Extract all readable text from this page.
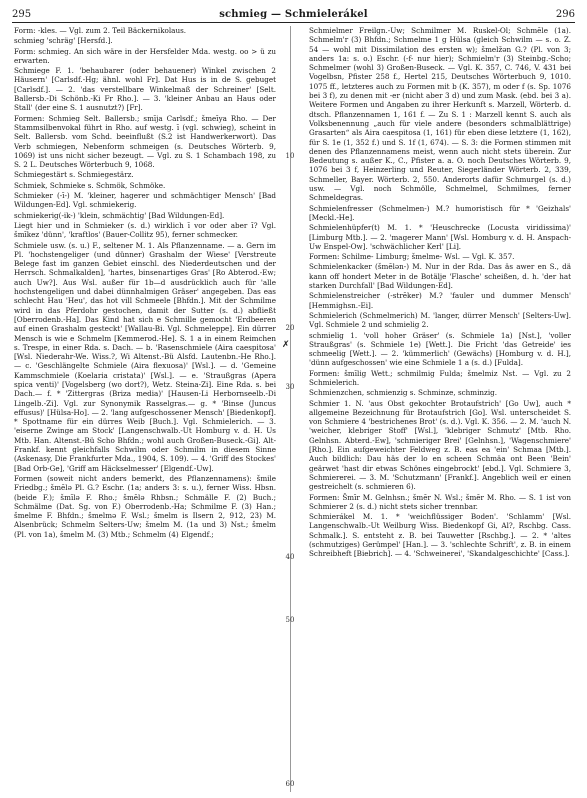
295	schmieg — Schmielerákel	296

Form: -kles. — Vgl. zum 2. Teil Bäckernikolaus.

schmieg 'schräg' [Hersfd.].

Form: schmieg. An sich wäre in der Hersfelder Mda. westg. oo > ü zu erwarten.

Schmiege F. 1. 'behaubarer (oder behauener) Winkel zwischen 2 Häusern' [Carlsdf.-Hg; ähnl. wohl Fr]. Dat Hus is in de S. gebuget [Carlsdf.]. — 2. 'das verstellbare Winkelmaß der Schreiner' [Selt. Ballersb.-Di Schönb.-Ki Fr Rho.]. — 3. 'kleiner Anbau an Haus oder Stall' (der eine S. 1 ausnutzt?) [Fr].

Formen: Schmieg Selt. Ballersb.; smīja Carlsdf.; šmeīya Rho. — Der Stammsilbenvokal führt in Rho. auf westg. ī (vgl. schwieg), scheint in Selt. Ballersb. vom Schd. beeinflußt (S.2 ist Handwerkerwort). Das Verb schmiegen, Nebenform schmeigen (s. Deutsches Wörterb. 9, 1069) ist uns nicht sicher bezeugt. — Vgl. zu S. 1 Schambach 198, zu S. 2 L. Deutsches Wörterbuch 9, 1068.

Schmiegestärt s. Schmiegestärz.

Schmiek, Schmieke s. Schmök, Schmöke.

Schmieker (-ī-) M. 'kleiner, hagerer und schmächtiger Mensch' [Bad Wildungen-Ed]. Vgl. schmiekerig.

schmiekerig(-ik-) 'klein, schmächtig' [Bad Wildungen-Ed].

Liegt hier und in Schmieker (s. d.) wirklich ī vor oder aber ī? Vgl. šmīkez 'dünn', 'kraftlos' (Bauer-Collitz 95), ferner schmecker.

Schmiele usw. (s. u.) F., seltener M. 1. Als Pflanzenname. — a. Gern im Pl. 'hochstengeliger (und dünner) Grashalm der Wiese' [Verstreute Belege fast im ganzen Gebiet einschl. des Niederdeutschen und der Herrsch. Schmalkalden], 'hartes, binsenartiges Gras' [Ro Abterod.-Ew; auch Uw?]. Aus Wsl. außer für 1b—d ausdrücklich auch für 'alle hochstengeligen und dabei dünnhalmigen Gräser' angegeben. Das eas schlecht Hau 'Heu', das hot vill Schmeele [Bhfdn.]. Mit der Schmilme wird in das Pferdohr gestochen, damit der Sutter (s. d.) abfließt [Oberrodenb.-Ha]. Das Kind hat sich e Schmille gemocht 'Erdbeeren auf einen Grashalm gesteckt' [Wallau-Bi. Vgl. Schmeleppe]. Ein dürrer Mensch is wie e Schmelm [Kemmerod.-He]. S. 1 a in einem Reimchen s. Trespe, in einer Rda. s. Dach. — b. 'Rasenschmiele (Aira caespitosa' [Wsl. Niederahr-We. Wiss.?, Wi Altenst.-Bü Alsfd. Lautenbn.-He Rho.]. — c. 'Geschlängelte Schmiele (Aira flexuosa)' [Wsl.]. — d. 'Gemeine Kammschmiele (Koelaria cristata)' [Wsl.]. — e. 'Straußgras (Apera spica venti)' [Vogelsberg (wo dort?), Wetz. Steina-Zi]. Eine Rda. s. bei Dach.— f. * 'Zittergras (Briza media)' [Hausen-Li Herbornseelb.-Di Lingelb.-Zi]. Vgl. zur Synonymik Rasselgras.— g. * 'Binse (Juncus effusus)' [Hülsa-Ho]. — 2. 'lang aufgeschossener Mensch' [Biedenkopf]. * Spottname für ein dürres Weib [Buch.]. Vgl. Schmielerich. — 3. 'eiserne Zwinge am Stock' [Langenschwalb.-Ut Homburg v. d. H. Us Mtb. Han. Altenst.-Bü Scho Bhfdn.; wohl auch Großen-Buseck.-Gi]. Alt-Frankf. kennt gleichfalls Schwilm oder Schmilm in diesem Sinne (Askenasy, Die Frankfurter Mda., 1904, S. 109). — 4. 'Griff des Stockes' [Bad Orb-Ge], 'Griff am Häckselmesser' [Elgendf.-Uw].

Formen (soweit nicht anders bemerkt, des Pflanzennamens): šmile Friedbg.; šmēlə Pl. G.? Eschr. (1a; anders 3: s. u.), ferner Wiss. Hbsn. (beide F.); šmīlə F. Rho.; šmēlə Rhbsn.; Schmälle F. (2) Buch.; Schmälme (Dat. Sg. von F.) Oberrodenb.-Ha; Schmilme F. (3) Han.; šmelme F. Bhfdn.; šmelmə F. Wsl.; šmelm is Ilsern 2, 912, 23) M. Alsenbrück; Schmelm Selters-Uw; šmelm M. (1a und 3) Nst.; šmelm (Pl. von 1a), šmelm M. (3) Mtb.; Schmelm (4) Elgendf.;

10
20
30
40
50
60
✗

Schmielmer Freilgn.-Uw; Schmilmer M. Ruskel-Ol; Schmēle (1a). Schmelm'r (3) Bhfdn.; Schmelme 1 g Hülsa (gleich Schwilm — s. o. Z. 54 — wohl mit Dissimilation des ersten w); šmelžən G.? (Pl. von 3; anders 1a: s. o.) Eschr. (-f- nur hier); Schmielm'r (3) Steinbg.-Scho; Schmelmer (wohl 3) Großen-Buseck. — Vgl. K. 357, C. 746, V. 431 bei Vogelbsn, Pfister 258 f., Hertel 215, Deutsches Wörterbuch 9, 1010. 1075 ff., letzteres auch zu Formen mit b (K. 357), m oder f (s. Sp. 1076 bei 3 f), zu denen mit -er (nicht aber 3 d) und zum Mask. (ebd. bei 3 a). Weitere Formen und Angaben zu ihrer Herkunft s. Marzell, Wörterb. d. dtsch. Pflanzennamen 1, 161 f. — Zu S. 1 : Marzell kennt S. auch als Volksbenennung „auch für viele andere (besonders schmalblättrige) Grasarten“ als Aira caespitosa (1, 161) für eben diese letztere (1, 162), für S. 1e (1, 352 f.) und S. 1f (1, 674). — S. 3: die Formen stimmen mit denen des Pflanzennamens meist, wenn auch nicht stets überein. Zur Bedeutung s. außer K., C., Pfister a. a. O. noch Deutsches Wörterb. 9, 1076 bei 3 f, Heinzerling und Reuter, Siegerländer Wörterb. 2, 339, Schmeller, Bayer. Wörterb. 2, 550. Anderorts dafür Schmurgel (s. d.) usw. — Vgl. noch Schmölle, Schmelmel, Schmilmes, ferner Schmeldegras.

Schmielenfresser (Schmelmen-) M.? humoristisch für * 'Geizhals' [Meckl.-He].

Schmielenhüpfer(t) M. 1. * 'Heuschrecke (Locusta viridissima)' [Limburg Mtb.]. — 2. 'magerer Mann' [Wsl. Homburg v. d. H. Anspach-Uw Enspel-Ow]. 'schwächlicher Kerl' [Li].

Formen: Schilme- Limburg; šmelme- Wsl. — Vgl. K. 357.

Schmielenkacker (šmēlən-) M. Nur in der Rda. Das äs awer en S., dä kann off hondert Meter in de Botälje 'Flasche' scheißen, d. h. 'der hat starken Durchfall' [Bad Wildungen-Ed].

Schmielenstreicher (-strēker) M.? 'fauler und dummer Mensch' [Hemmighsn.-Ei].

Schmielerich (Schmelmerich) M. 'langer, dürrer Mensch' [Selters-Uw]. Vgl. Schmiele 2 und schmielig 2.

schmielig 1. 'voll hoher Gräser' (s. Schmiele 1a) [Nst.], 'voller Straußgras' (s. Schmiele 1e) [Wett.]. Die Fricht 'das Getreide' ies schmeelig [Wett.]. — 2. 'kümmerlich' (Gewächs) [Homburg v. d. H.], 'dünn aufgeschossen' wie eine Schmiele 1 a (s. d.) [Fulda].

Formen: šmīlig Wett.; schmilmig Fulda; šmelmiz Nst. — Vgl. zu 2 Schmielerich.

Schmienzchen, schmienzig s. Schminze, schminzig.

Schmier 1. N. 'aus Obst gekochter Brotaufstrich' [Go Uw], auch * allgemeine Bezeichnung für Brotaufstrich [Go]. Wsl. unterscheidet S. von Schmiere 4 'bestrichenes Brot' (s. d.). Vgl. K. 356. — 2. M. 'auch N. 'weicher, klebriger Stoff' [Wsl.], 'klebriger Schmutz' [Mtb. Rho. Gelnhsn. Abterd.-Ew], 'schmieriger Brei' [Gelnhsn.], 'Wagenschmiere' [Rho.]. Ein aufgeweichter Feldweg z. B. eas ea 'ein' Schmaa [Mtb.]. Auch bildlich: Dau häs der lo en scheen Schmäa ont Been 'Bein' geärwet 'hast dir etwas Schönes eingebrockt' [ebd.]. Vgl. Schmiere 3, Schmiererei. — 3. M. 'Schutzmann' [Frankf.]. Angeblich weil er einen gestreichelt (s. schmieren 6).

Formen: Šmīr M. Gelnhsn.; šmēr N. Wsl.; šmēr M. Rho. — S. 1 ist von Schmierer 2 (s. d.) nicht stets sicher trennbar.

Schmierákel M. 1. * 'weichflüssiger Boden'. 'Schlamm' [Wsl. Langenschwalb.-Ut Weilburg Wiss. Biedenkopf Gi, Al?, Rschbg. Cass. Schmalk.]. S. entsteht z. B. bei Tauwetter [Rschbg.]. — 2. * 'altes (schmutziges) Gerümpel' [Han.]. — 3. 'schlechte Schrift', z. B. in einem Schreibheft [Biebrich]. — 4. 'Schweinerei', 'Skandalgeschichte' [Cass.].
